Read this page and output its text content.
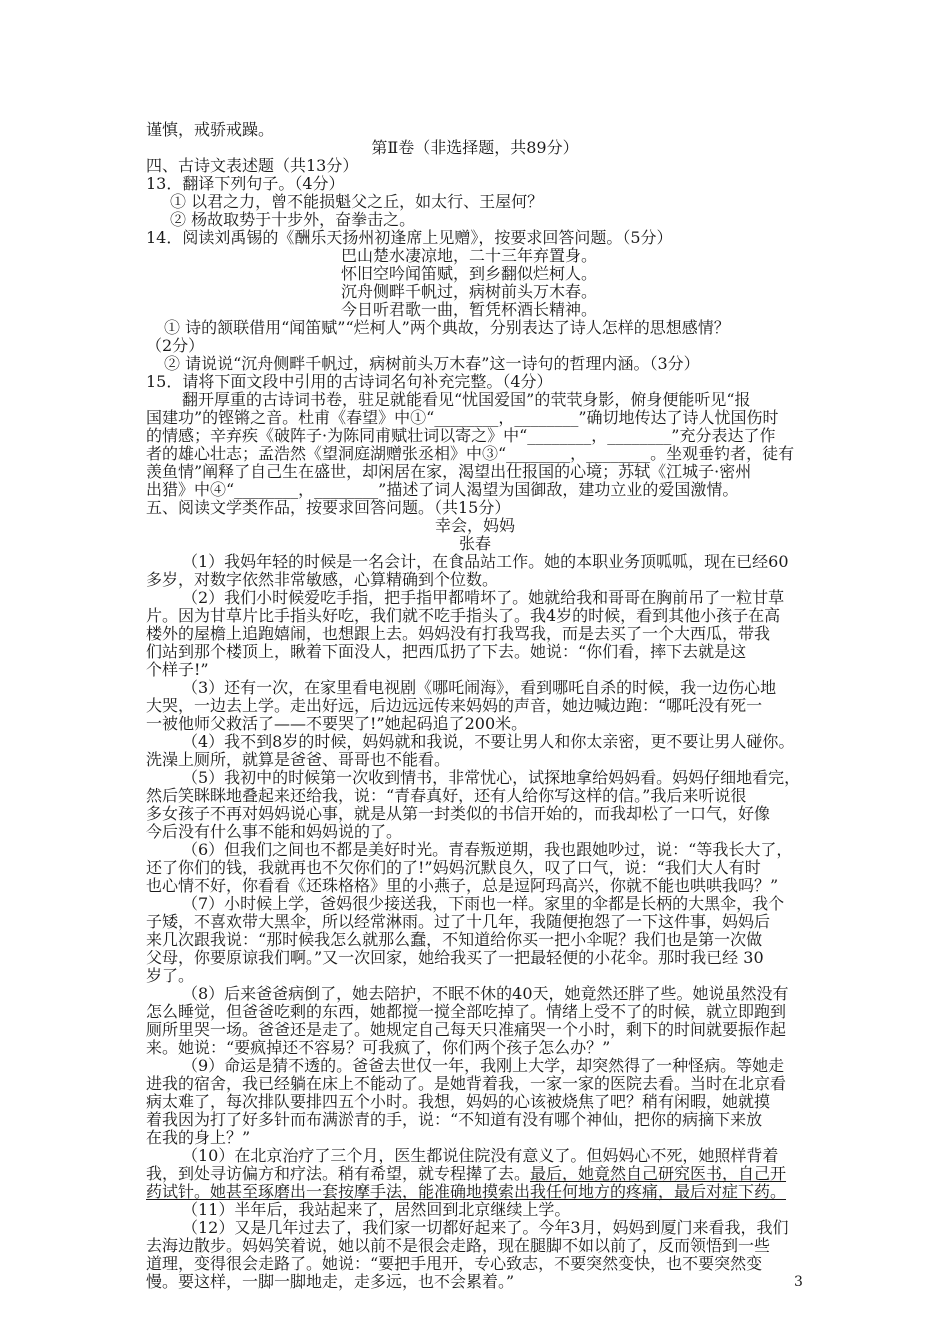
谨慎，戒骄戒躁。
第Ⅱ卷（非选择题，共89分）
四、古诗文表述题（共13分）
13．翻译下列句子。（4分）
① 以君之力，曾不能损魁父之丘，如太行、王屋何？
② 杨故取势于十步外，奋拳击之。
14．阅读刘禹锡的《酬乐天扬州初逢席上见赠》，按要求回答问题。（5分）
巴山楚水凄凉地，二十三年弃置身。
怀旧空吟闻笛赋，到乡翻似烂柯人。
沉舟侧畔千帆过，病树前头万木春。
今日听君歌一曲，暂凭杯酒长精神。
① 诗的颔联借用“闻笛赋”“烂柯人”两个典故，分别表达了诗人怎样的思想感情？
（2分）
② 请说说“沉舟侧畔千帆过，病树前头万木春”这一诗句的哲理内涵。（3分）
15．请将下面文段中引用的古诗词名句补充完整。（4分）
翻开厚重的古诗词书卷，驻足就能看见“忧国爱国”的茕茕身影，俯身便能听见“报
国建功”的铿锵之音。杜甫《春望》中①“________，________”确切地传达了诗人忧国伤时
的情感；辛弃疾《破阵子·为陈同甫赋壮词以寄之》中“________，________”充分表达了作
者的雄心壮志；孟浩然《望洞庭湖赠张丞相》中③“________，________。坐观垂钓者，徒有
羡鱼情”阐释了自己生在盛世，却闲居在家，渴望出仕报国的心境；苏轼《江城子·密州
出猎》中④“________，________”描述了词人渴望为国御敌，建功立业的爱国激情。
五、阅读文学类作品，按要求回答问题。（共15分）
幸会，妈妈
张春
（1）我妈年轻的时候是一名会计，在食品站工作。她的本职业务顶呱呱，现在已经60
多岁，对数字依然非常敏感，心算精确到个位数。
（2）我们小时候爱吃手指，把手指甲都啃坏了。她就给我和哥哥在胸前吊了一粒甘草
片。因为甘草片比手指头好吃，我们就不吃手指头了。我4岁的时候，看到其他小孩子在高
楼外的屋檐上追跑嬉闹，也想跟上去。妈妈没有打我骂我，而是去买了一个大西瓜，带我
们站到那个楼顶上，瞅着下面没人，把西瓜扔了下去。她说：“你们看，摔下去就是这
个样子!”
（3）还有一次，在家里看电视剧《哪吒闹海》，看到哪吒自杀的时候，我一边伤心地
大哭，一边去上学。走出好远，后边远远传来妈妈的声音，她边喊边跑：“哪吒没有死一
一被他师父救活了——不要哭了!”她起码追了200米。
（4）我不到8岁的时候，妈妈就和我说，不要让男人和你太亲密，更不要让男人碰你。
洗澡上厕所，就算是爸爸、哥哥也不能看。
（5）我初中的时候第一次收到情书，非常忧心，试探地拿给妈妈看。妈妈仔细地看完，
然后笑眯眯地叠起来还给我，说：“青春真好，还有人给你写这样的信。”我后来听说很
多女孩子不再对妈妈说心事，就是从第一封类似的书信开始的，而我却松了一口气，好像
今后没有什么事不能和妈妈说的了。
（6）但我们之间也不都是美好时光。青春叛逆期，我也跟她吵过，说：“等我长大了，
还了你们的钱，我就再也不欠你们的了!”妈妈沉默良久，叹了口气，说：“我们大人有时
也心情不好，你看看《还珠格格》里的小燕子，总是逗阿玛高兴，你就不能也哄哄我吗？”
（7）小时候上学，爸妈很少接送我，下雨也一样。家里的伞都是长柄的大黑伞，我个
子矮，不喜欢带大黑伞，所以经常淋雨。过了十几年，我随便抱怨了一下这件事，妈妈后
来几次跟我说：“那时候我怎么就那么蠢，不知道给你买一把小伞呢？我们也是第一次做
父母，你要原谅我们啊。”又一次回家，她给我买了一把最轻便的小花伞。那时我已经 30
岁了。
（8）后来爸爸病倒了，她去陪护，不眠不休的40天，她竟然还胖了些。她说虽然没有
怎么睡觉，但爸爸吃剩的东西，她都搅一搅全部吃掉了。情绪上受不了的时候，就立即跑到
厕所里哭一场。爸爸还是走了。她规定自己每天只准痛哭一个小时，剩下的时间就要振作起
来。她说：“要疯掉还不容易？可我疯了，你们两个孩子怎么办？”
（9）命运是猜不透的。爸爸去世仅一年，我刚上大学，却突然得了一种怪病。等她走
进我的宿舍，我已经躺在床上不能动了。是她背着我，一家一家的医院去看。当时在北京看
病太难了，每次排队要排四五个小时。我想，妈妈的心该被烧焦了吧？稍有闲暇，她就摸
着我因为打了好多针而布满淤青的手，说：“不知道有没有哪个神仙，把你的病摘下来放
在我的身上？”
（10）在北京治疗了三个月，医生都说住院没有意义了。但妈妈心不死，她照样背着
我，到处寻访偏方和疗法。稍有希望，就专程撵了去。最后，她竟然自己研究医书，自己开
药试针。她甚至琢磨出一套按摩手法，能准确地摸索出我任何地方的疼痛，最后对症下药。
（11）半年后，我站起来了，居然回到北京继续上学。
（12）又是几年过去了，我们家一切都好起来了。今年3月，妈妈到厦门来看我，我们
去海边散步。妈妈笑着说，她以前不是很会走路，现在腿脚不如以前了，反而领悟到一些
道理，变得很会走路了。她说：“要把手甩开，专心致志，不要突然变快，也不要突然变
慢。要这样，一脚一脚地走，走多远，也不会累着。”	3
